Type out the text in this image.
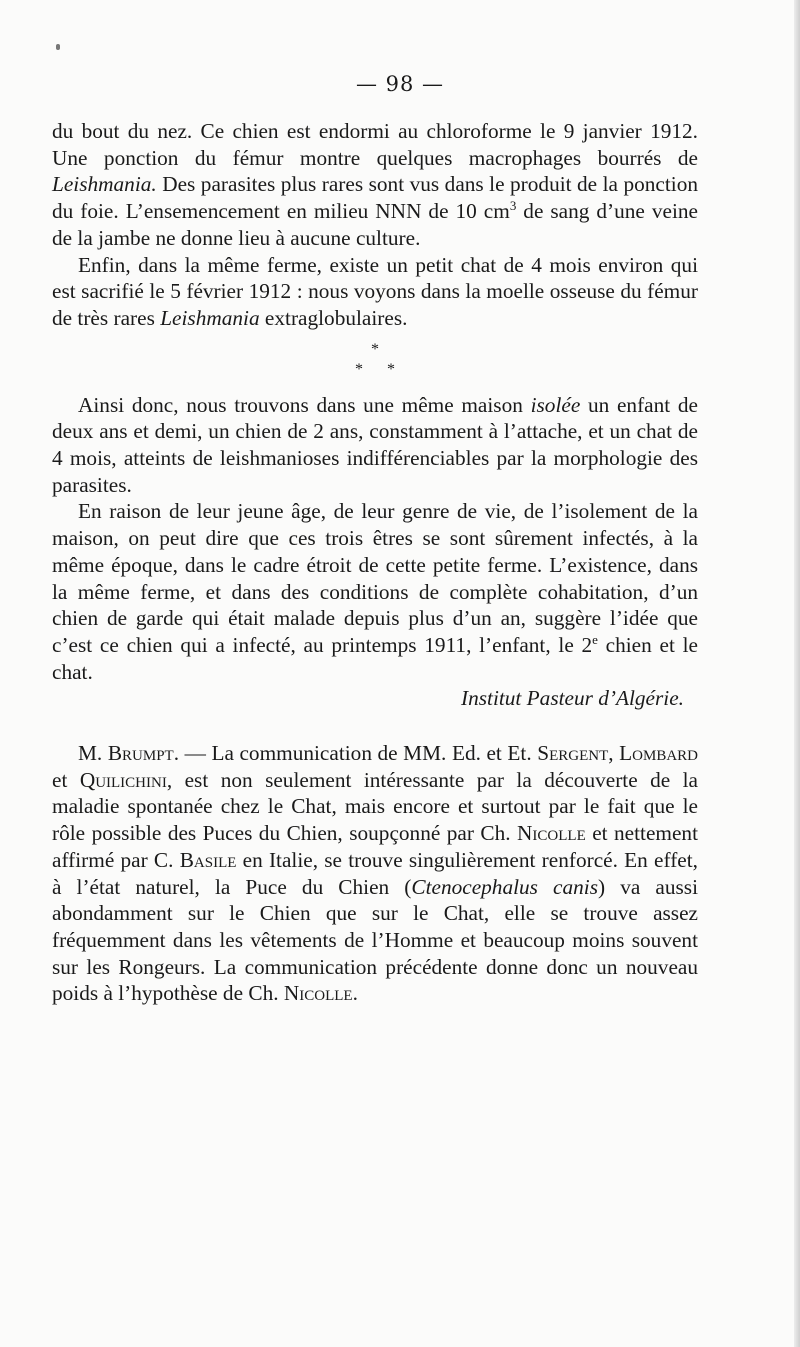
— 98 —

du bout du nez. Ce chien est endormi au chloroforme le 9 janvier 1912. Une ponction du fémur montre quelques macrophages bourrés de Leishmania. Des parasites plus rares sont vus dans le produit de la ponction du foie. L’ensemencement en milieu NNN de 10 $cm^3$ de sang d’une veine de la jambe ne donne lieu à aucune culture.

Enfin, dans la même ferme, existe un petit chat de 4 mois environ qui est sacrifié le 5 février 1912 : nous voyons dans la moelle osseuse du fémur de très rares Leishmania extraglobulaires.

*
* *

Ainsi donc, nous trouvons dans une même maison isolée un enfant de deux ans et demi, un chien de 2 ans, constamment à l’attache, et un chat de 4 mois, atteints de leishmanioses indifférenciables par la morphologie des parasites.

En raison de leur jeune âge, de leur genre de vie, de l’isolement de la maison, on peut dire que ces trois êtres se sont sûrement infectés, à la même époque, dans le cadre étroit de cette petite ferme. L’existence, dans la même ferme, et dans des conditions de complète cohabitation, d’un chien de garde qui était malade depuis plus d’un an, suggère l’idée que c’est ce chien qui a infecté, au printemps 1911, l’enfant, le 2e chien et le chat.

Institut Pasteur d’Algérie.

M. Brumpt. — La communication de MM. Ed. et Et. Sergent, Lombard et Quilichini, est non seulement intéressante par la découverte de la maladie spontanée chez le Chat, mais encore et surtout par le fait que le rôle possible des Puces du Chien, soupçonné par Ch. Nicolle et nettement affirmé par C. Basile en Italie, se trouve singulièrement renforcé. En effet, à l’état naturel, la Puce du Chien (Ctenocephalus canis) va aussi abondamment sur le Chien que sur le Chat, elle se trouve assez fréquemment dans les vêtements de l’Homme et beaucoup moins souvent sur les Rongeurs. La communication précédente donne donc un nouveau poids à l’hypothèse de Ch. Nicolle.
